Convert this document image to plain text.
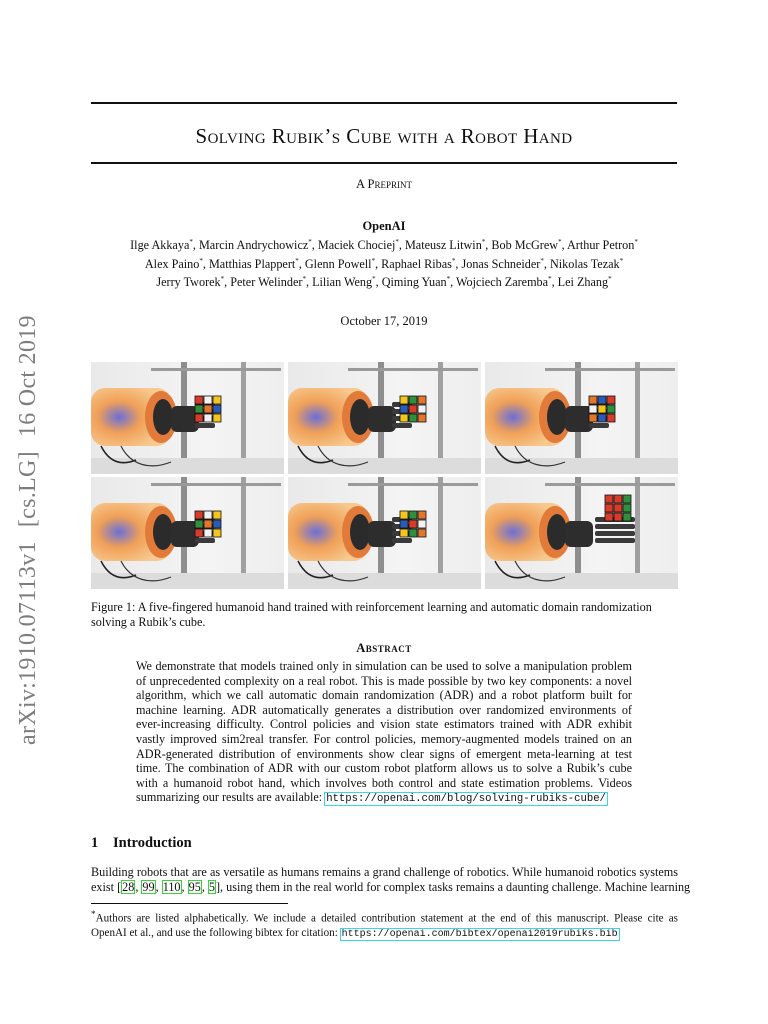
arXiv:1910.07113v1[cs.LG]16 Oct 2019
Solving Rubik’s Cube with a Robot Hand
A Preprint
OpenAI
Ilge Akkaya*, Marcin Andrychowicz*, Maciek Chociej*, Mateusz Litwin*, Bob McGrew*, Arthur Petron*
Alex Paino*, Matthias Plappert*, Glenn Powell*, Raphael Ribas*, Jonas Schneider*, Nikolas Tezak*
Jerry Tworek*, Peter Welinder*, Lilian Weng*, Qiming Yuan*, Wojciech Zaremba*, Lei Zhang*
October 17, 2019
Figure 1: A five-fingered humanoid hand trained with reinforcement learning and automatic domain randomization solving a Rubik’s cube.
Abstract
We demonstrate that models trained only in simulation can be used to solve a manipulation problem
of unprecedented complexity on a real robot. This is made possible by two key components: a novel
algorithm, which we call automatic domain randomization (ADR) and a robot platform built for
machine learning. ADR automatically generates a distribution over randomized environments of
ever-increasing difficulty. Control policies and vision state estimators trained with ADR exhibit
vastly improved sim2real transfer. For control policies, memory-augmented models trained on an
ADR-generated distribution of environments show clear signs of emergent meta-learning at test
time. The combination of ADR with our custom robot platform allows us to solve a Rubik’s cube
with a humanoid robot hand, which involves both control and state estimation problems. Videos
summarizing our results are available: https://openai.com/blog/solving-rubiks-cube/
1 Introduction
Building robots that are as versatile as humans remains a grand challenge of robotics. While humanoid robotics systems
exist [28, 99, 110, 95, 5], using them in the real world for complex tasks remains a daunting challenge. Machine learning
*Authors are listed alphabetically. We include a detailed contribution statement at the end of this manuscript. Please cite as
OpenAI et al., and use the following bibtex for citation: https://openai.com/bibtex/openai2019rubiks.bib
